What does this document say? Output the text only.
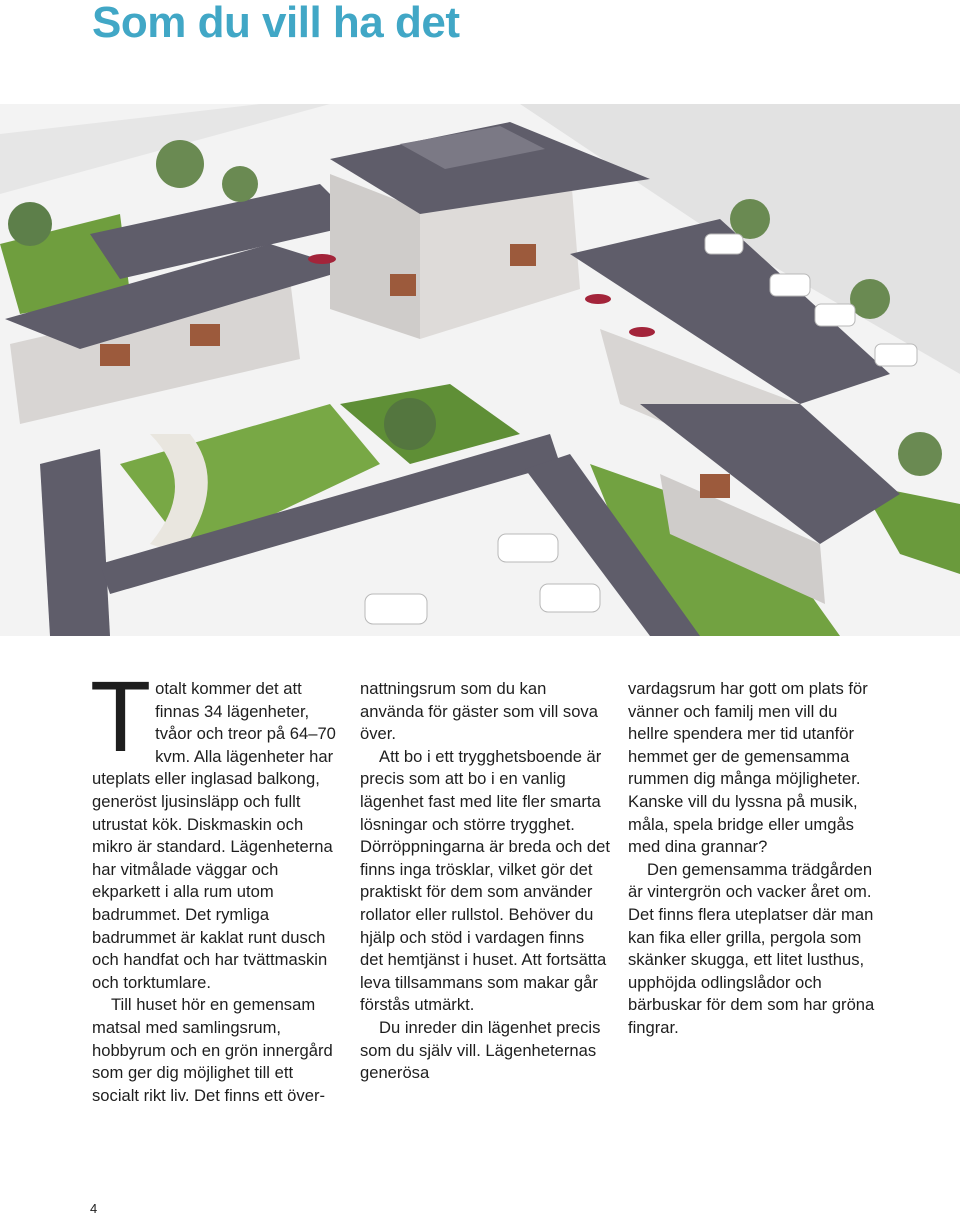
Som du vill ha det

Totalt kommer det att finnas 34 lägenheter, tvåor och treor på 64–70 kvm. Alla lägenheter har uteplats eller inglasad balkong, generöst ljusinsläpp och fullt utrustat kök. Diskmaskin och mikro är standard. Lägenheterna har vitmålade väggar och ekparkett i alla rum utom badrummet. Det rymliga badrummet är kaklat runt dusch och handfat och har tvättmaskin och torktumlare.

Till huset hör en gemensam matsal med samlingsrum, hobbyrum och en grön innergård som ger dig möjlighet till ett socialt rikt liv. Det finns ett över-

nattningsrum som du kan använda för gäster som vill sova över.

Att bo i ett trygghetsboende är precis som att bo i en vanlig lägenhet fast med lite fler smarta lösningar och större trygghet. Dörröppningarna är breda och det finns inga trösklar, vilket gör det praktiskt för dem som använder rollator eller rullstol. Behöver du hjälp och stöd i vardagen finns det hemtjänst i huset. Att fortsätta leva tillsammans som makar går förstås utmärkt.

Du inreder din lägenhet precis som du själv vill. Lägenheternas generösa

vardagsrum har gott om plats för vänner och familj men vill du hellre spendera mer tid utanför hemmet ger de gemensamma rummen dig många möjligheter. Kanske vill du lyssna på musik, måla, spela bridge eller umgås med dina grannar?

Den gemensamma trädgården är vintergrön och vacker året om. Det finns flera uteplatser där man kan fika eller grilla, pergola som skänker skugga, ett litet lusthus, upphöjda odlingslådor och bärbuskar för dem som har gröna fingrar.

4
